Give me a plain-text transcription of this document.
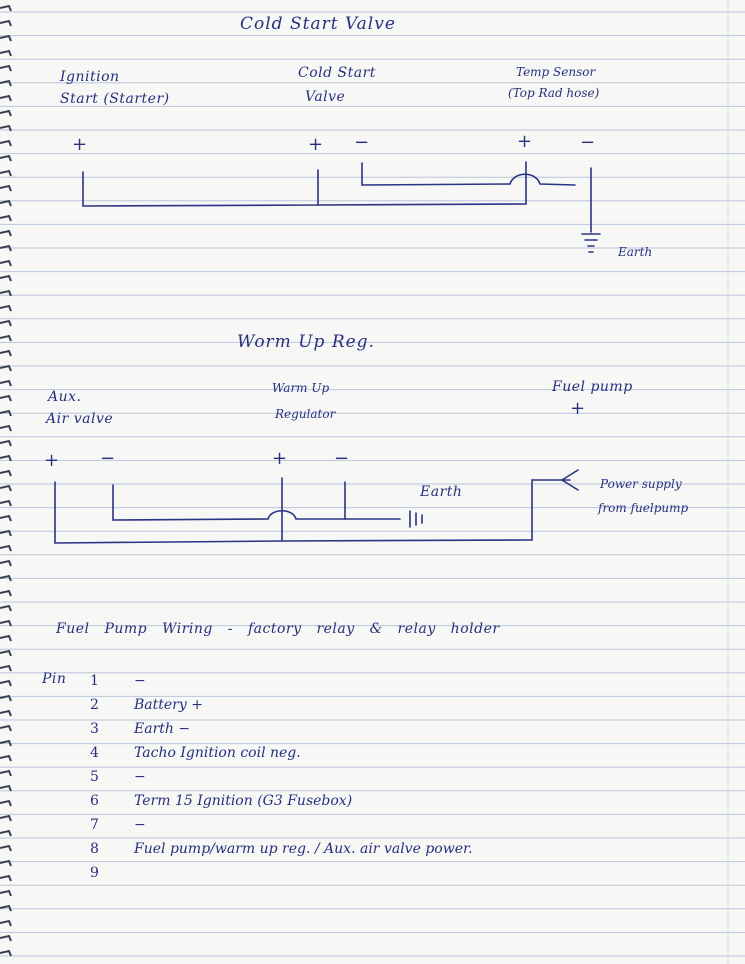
Cold Start Valve
Ignition
Start (Starter)
Cold Start
Valve
Temp Sensor
(Top Rad hose)
+	+ −	+	−
Earth
Worm Up Reg.
Aux.
Air valve
Warm Up
Regulator
Fuel pump
+
+ −	+	−
Earth	Power supply
from fuelpump
Fuel Pump Wiring - factory relay & relay holder
Pin 1	−
2	Battery +
3	Earth −
4	Tacho Ignition coil neg.
5	−
6	Term 15 Ignition (G3 Fusebox)
7	−
8	Fuel pump/warm up reg. / Aux. air valve power.
9
